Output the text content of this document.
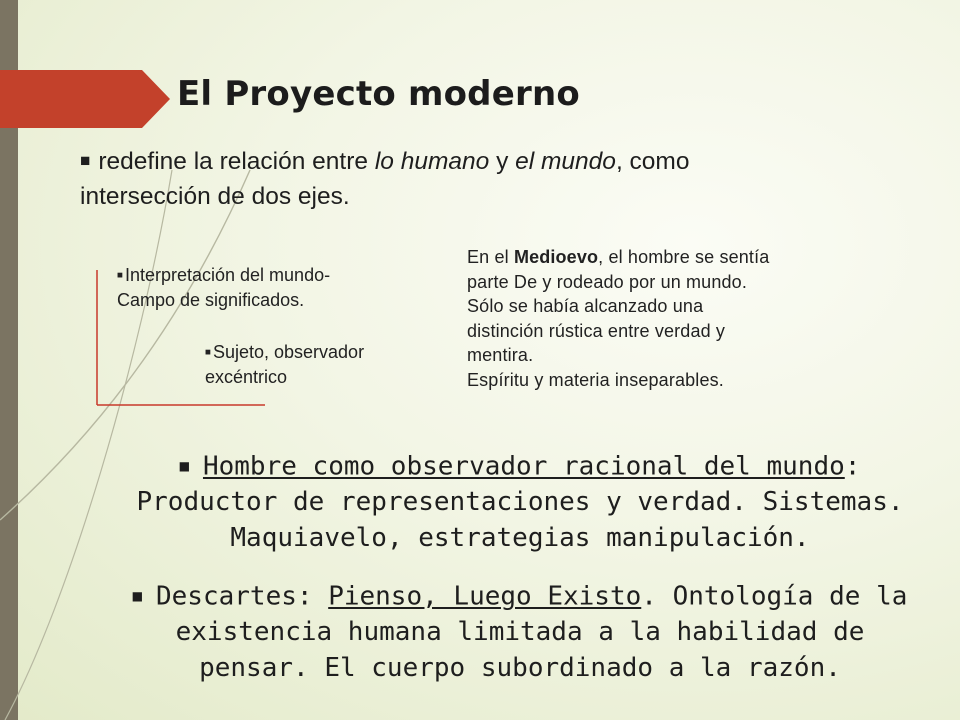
El Proyecto moderno
■ redefine la relación entre lo humano y el mundo, como
intersección de dos ejes.
■ Interpretación del mundo-
Campo de significados.
■ Sujeto, observador
excéntrico

En el Medioevo, el hombre se sentía

parte De y rodeado por un mundo.

Sólo se había alcanzado una

distinción rústica entre verdad y

mentira.

Espíritu y materia inseparables.

■ Hombre como observador racional del mundo:
Productor de representaciones y verdad. Sistemas.
Maquiavelo, estrategias manipulación.
■ Descartes: Pienso, Luego Existo. Ontología de la
existencia humana limitada a la habilidad de
pensar. El cuerpo subordinado a la razón.
